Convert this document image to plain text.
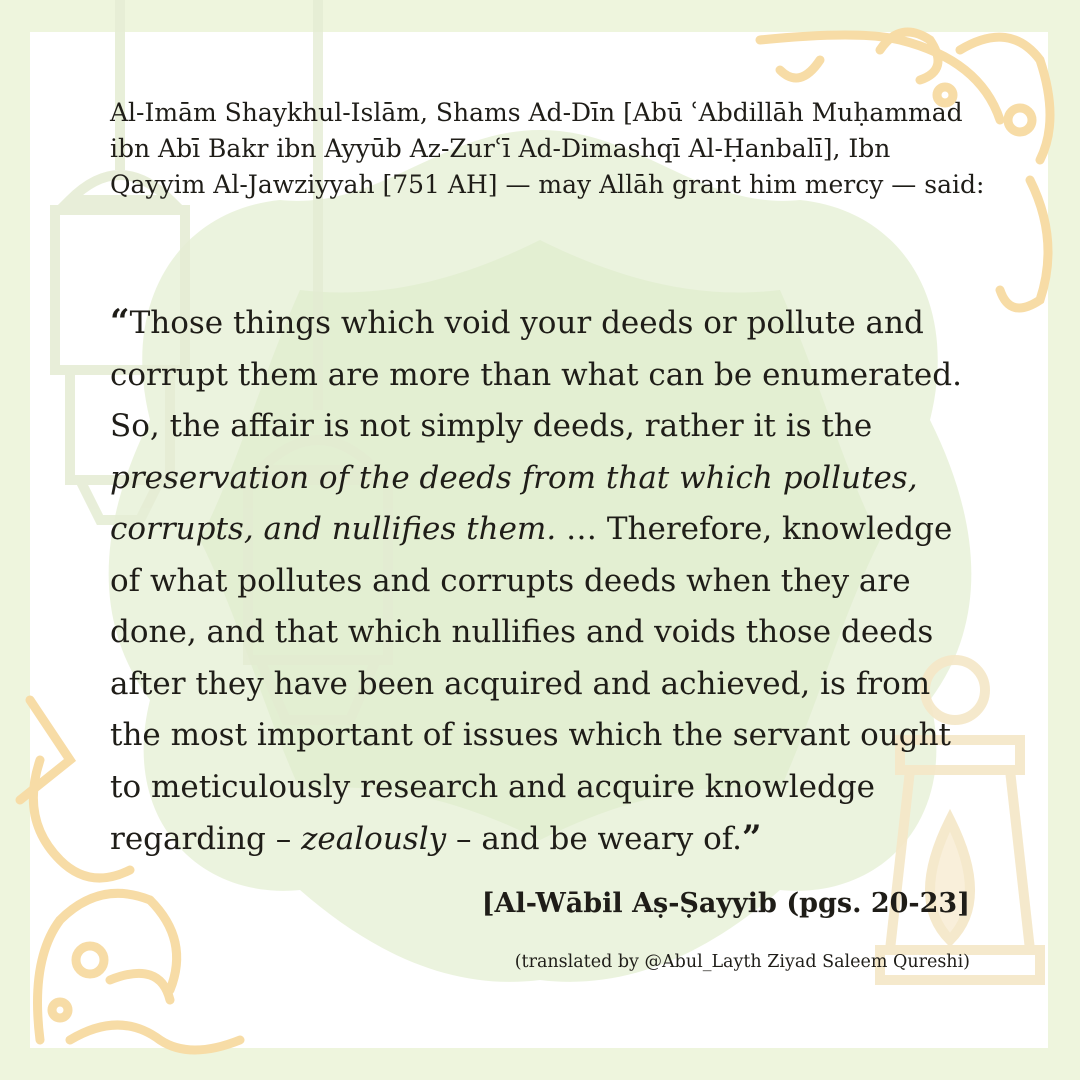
Al-Imām Shaykhul-Islām, Shams Ad-Dīn [Abū ʿAbdillāh Muḥammad ibn Abī Bakr ibn Ayyūb Az-Zurʿī Ad-Dimashqī Al-Ḥanbalī], Ibn Qayyim Al-Jawziyyah [751 AH] — may Allāh grant him mercy — said:

“Those things which void your deeds or pollute and corrupt them are more than what can be enumerated. So, the affair is not simply deeds, rather it is the preservation of the deeds from that which pollutes, corrupts, and nullifies them. … Therefore, knowledge of what pollutes and corrupts deeds when they are done, and that which nullifies and voids those deeds after they have been acquired and achieved, is from the most important of issues which the servant ought to meticulously research and acquire knowledge regarding – zealously – and be weary of.”

[Al-Wābil Aṣ-Ṣayyib (pgs. 20-23]

(translated by @Abul_Layth Ziyad Saleem Qureshi)
